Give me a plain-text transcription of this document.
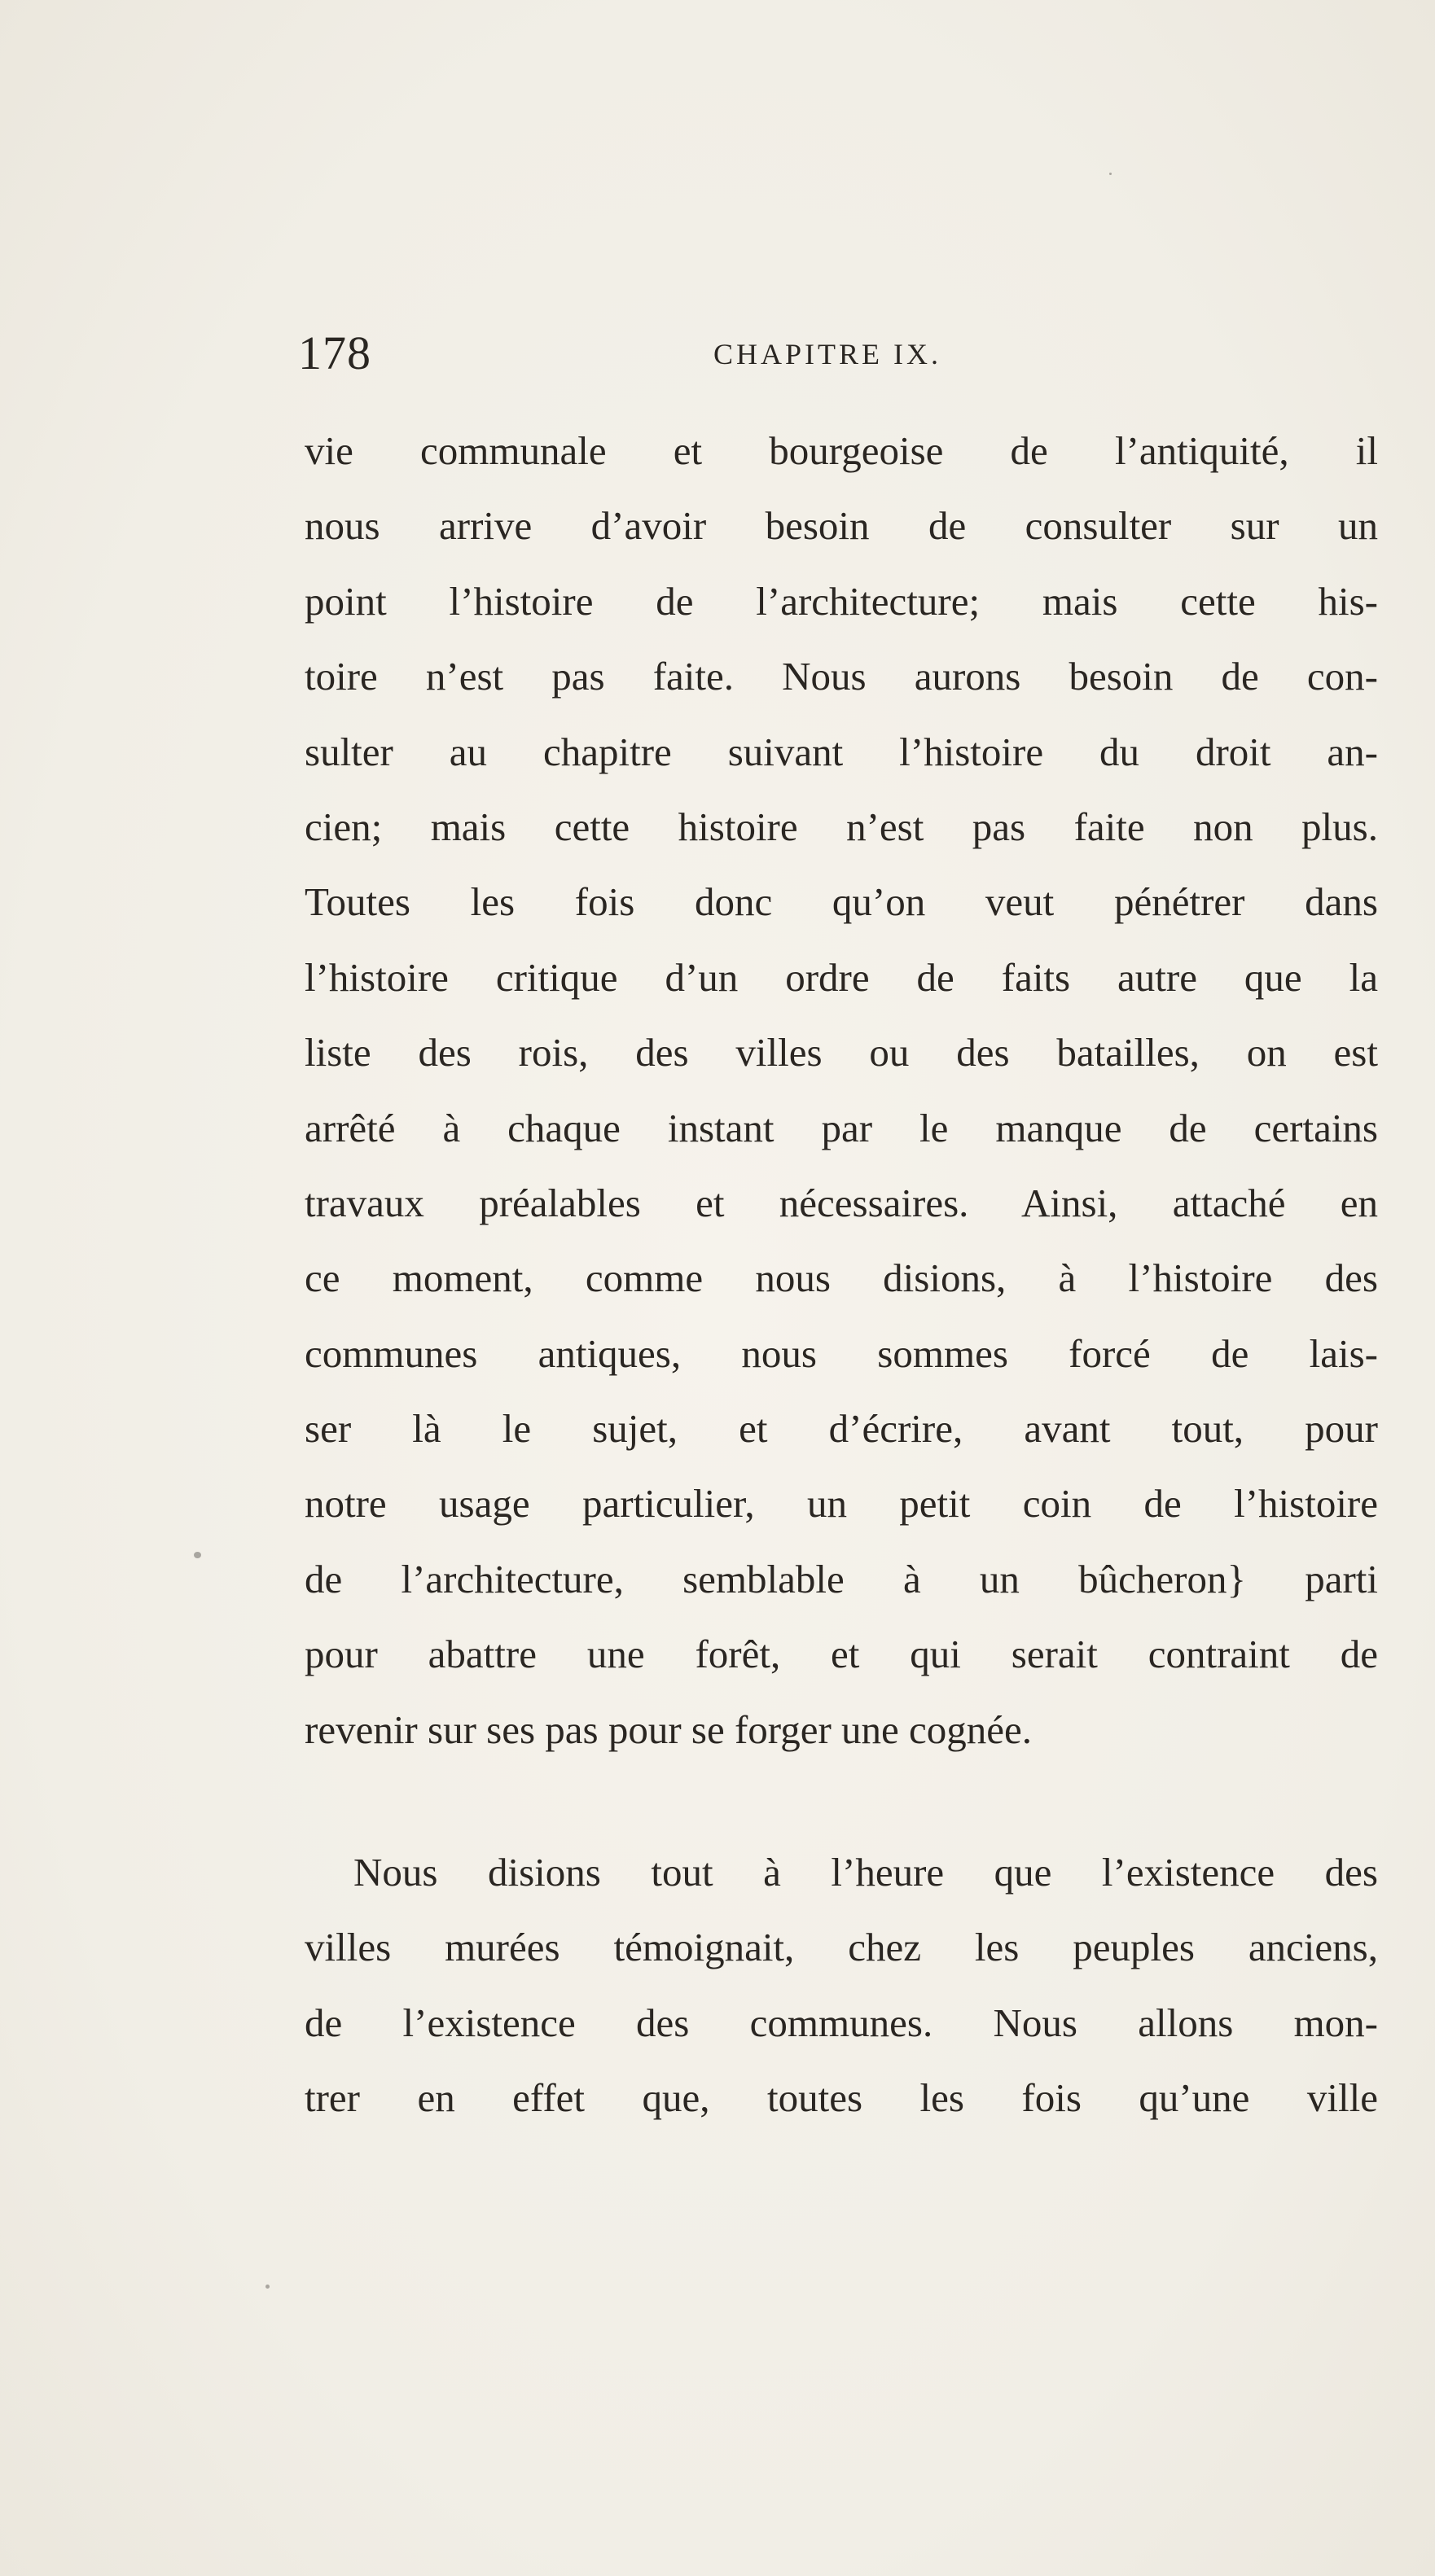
178	CHAPITRE IX.
vie communale et bourgeoise de l’antiquité, il
nous arrive d’avoir besoin de consulter sur un
point l’histoire de l’architecture; mais cette his-
toire n’est pas faite. Nous aurons besoin de con-
sulter au chapitre suivant l’histoire du droit an-
cien; mais cette histoire n’est pas faite non plus.
Toutes les fois donc qu’on veut pénétrer dans
l’histoire critique d’un ordre de faits autre que la
liste des rois, des villes ou des batailles, on est
arrêté à chaque instant par le manque de certains
travaux préalables et nécessaires. Ainsi, attaché en
ce moment, comme nous disions, à l’histoire des
communes antiques, nous sommes forcé de lais-
ser là le sujet, et d’écrire, avant tout, pour
notre usage particulier, un petit coin de l’histoire
de l’architecture, semblable à un bûcheron} parti
pour abattre une forêt, et qui serait contraint de
revenir sur ses pas pour se forger une cognée.
Nous disions tout à l’heure que l’existence des
villes murées témoignait, chez les peuples anciens,
de l’existence des communes. Nous allons mon-
trer en effet que, toutes les fois qu’une ville
